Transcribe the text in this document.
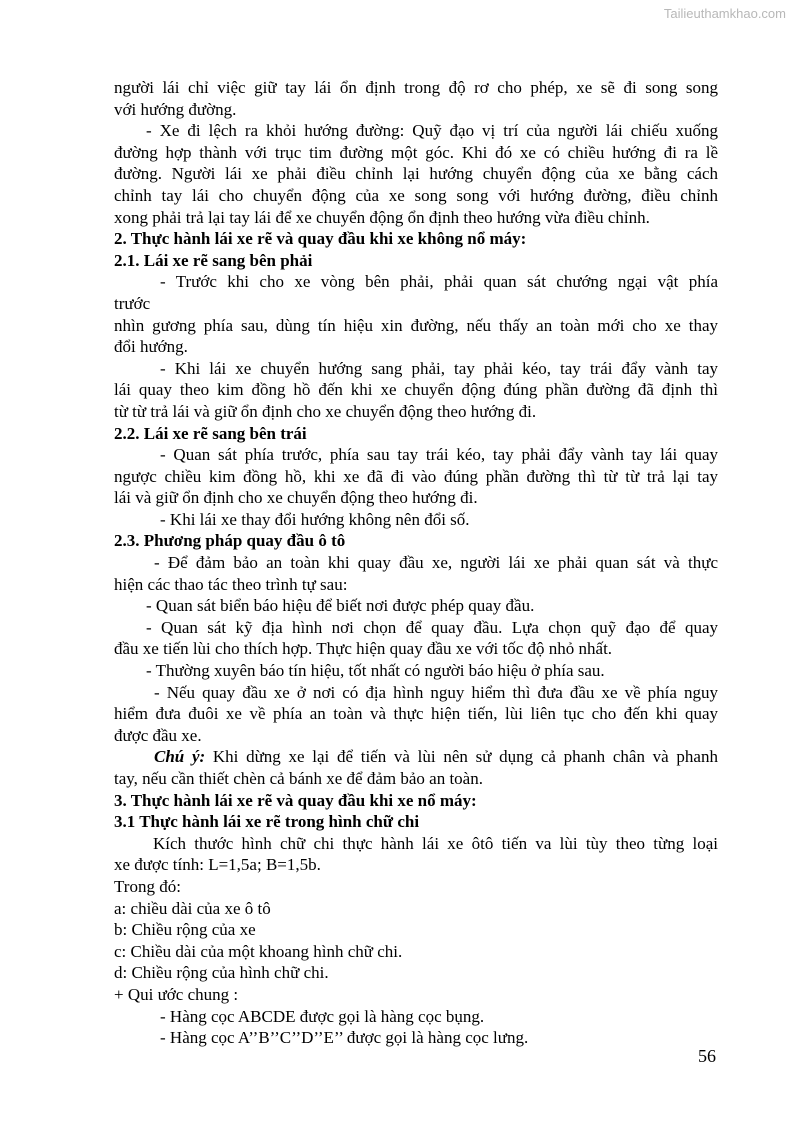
Tailieuthamkhao.com
người lái chỉ việc giữ tay lái ổn định trong độ rơ cho phép, xe sẽ đi song song
với hướng đường.
- Xe đi lệch ra khỏi hướng đường: Quỹ đạo vị trí của người lái chiếu xuống
đường hợp thành với trục tim đường một góc. Khi đó xe có chiều hướng đi ra lề
đường. Người lái xe phải điều chỉnh lại hướng chuyển động của xe bằng cách
chỉnh tay lái cho chuyển động của xe song song với hướng đường, điều chỉnh
xong phải trả lại tay lái để xe chuyển động ổn định theo hướng vừa điều chỉnh.
2. Thực hành lái xe rẽ và quay đầu khi xe không nổ máy:
2.1. Lái xe rẽ sang bên phải
- Trước khi cho xe vòng bên phải, phải quan sát chướng ngại vật phía
trước
nhìn gương phía sau, dùng tín hiệu xin đường, nếu thấy an toàn mới cho xe thay
đổi hướng.
- Khi lái xe chuyển hướng sang phải, tay phải kéo, tay trái đẩy vành tay
lái quay theo kim đồng hồ đến khi xe chuyển động đúng phần đường đã định thì
từ từ trả lái và giữ ổn định cho xe chuyển động theo hướng đi.
2.2. Lái xe rẽ sang bên trái
- Quan sát phía trước, phía sau tay trái kéo, tay phải đẩy vành tay lái quay
ngược chiều kim đồng hồ, khi xe đã đi vào đúng phần đường thì từ từ trả lại tay
lái và giữ ổn định cho xe chuyển động theo hướng đi.
- Khi lái xe thay đổi hướng không nên đổi số.
2.3. Phương pháp quay đầu ô tô
- Để đảm bảo an toàn khi quay đầu xe, người lái xe phải quan sát và thực
hiện các thao tác theo trình tự sau:
- Quan sát biển báo hiệu để biết nơi được phép quay đầu.
- Quan sát kỹ địa hình nơi chọn để quay đầu. Lựa chọn quỹ đạo để quay
đầu xe tiến lùi cho thích hợp. Thực hiện quay đầu xe với tốc độ nhỏ nhất.
- Thường xuyên báo tín hiệu, tốt nhất có người báo hiệu ở phía sau.
- Nếu quay đầu xe ở nơi có địa hình nguy hiểm thì đưa đầu xe về phía nguy
hiểm đưa đuôi xe về phía an toàn và thực hiện tiến, lùi liên tục cho đến khi quay
được đầu xe.
Chú ý: Khi dừng xe lại để tiến và lùi nên sử dụng cả phanh chân và phanh
tay, nếu cần thiết chèn cả bánh xe để đảm bảo an toàn.
3. Thực hành lái xe rẽ và quay đầu khi xe nổ máy:
3.1 Thực hành lái xe rẽ trong hình chữ chi
Kích thước hình chữ chi thực hành lái xe ôtô tiến va lùi tùy theo từng loại
xe được tính: L=1,5a; B=1,5b.
Trong đó:
a: chiều dài của xe ô tô
b: Chiều rộng của xe
c: Chiều dài của một khoang hình chữ chi.
d: Chiều rộng của hình chữ chi.
+ Qui ước chung :
- Hàng cọc ABCDE được gọi là hàng cọc bụng.
- Hàng cọc A’’B’’C’’D’’E’’ được gọi là hàng cọc lưng.
56
